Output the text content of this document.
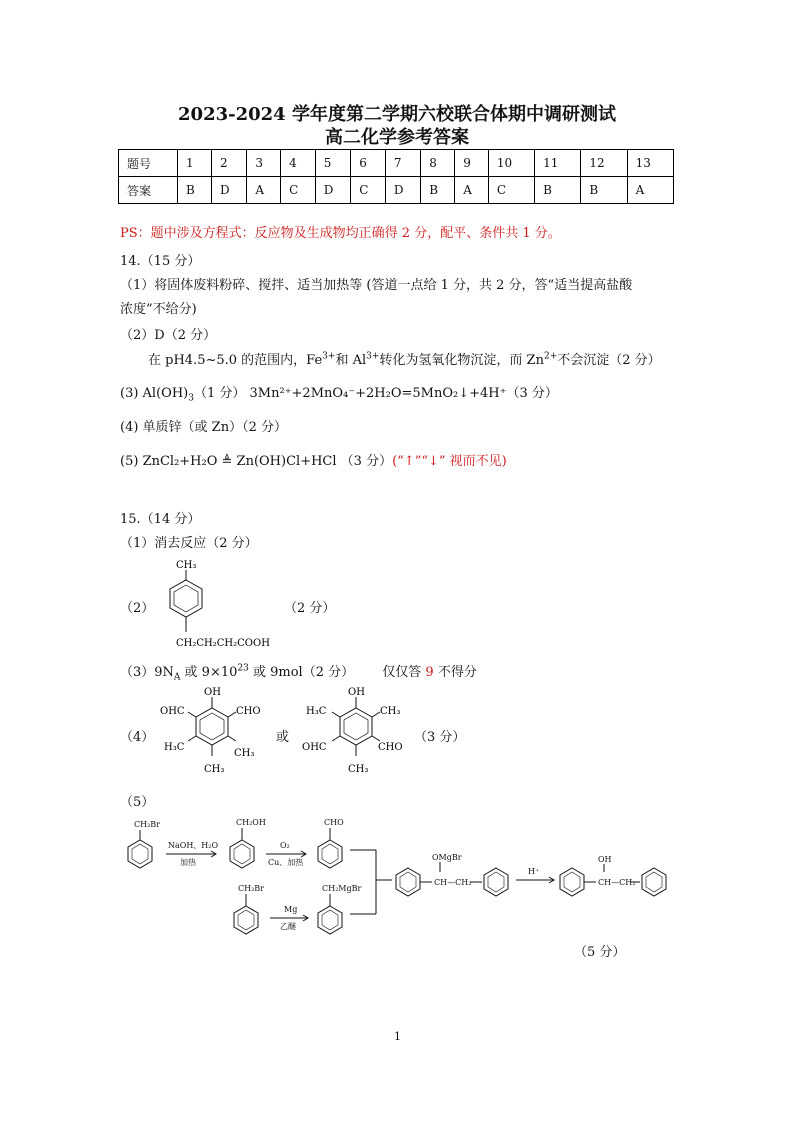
2023-2024 学年度第二学期六校联合体期中调研测试
高二化学参考答案
题号	1	2	3	4	5	6	7	8	9	10	11	12	13
答案	B	D	A	C	D	C	D	B	A	C	B	B	A
PS：题中涉及方程式：反应物及生成物均正确得 2 分，配平、条件共 1 分。
14.（15 分）
（1）将固体废料粉碎、搅拌、适当加热等 (答道一点给 1 分，共 2 分，答“适当提高盐酸
浓度”不给分)
（2）D（2 分）
在 pH4.5~5.0 的范围内，$Fe^{3+}$和 $Al^{3+}$转化为氢氧化物沉淀，而 $Zn^{2+}$不会沉淀（2 分）
(3) $Al(OH)_3(1$ 分） 3Mn²⁺+2MnO₄⁻+2H₂O=5MnO₂↓+4H⁺（3 分）
(4) 单质锌（或 Zn）（2 分）
(5) ZnCl₂+H₂O ≜ Zn(OH)Cl+HCl （3 分）(“↑”“↓” 视而不见)
15.（14 分）
（1）消去反应（2 分）
（2）
CH₃
CH₂CH₂CH₂COOH
（2 分）
$(3)9N_A$ 或 $9\times 10^{23}$ 或 9mol（2 分） 仅仅答 9 不得分
（4）
OH
OHC	CHO
H₃C
CH₃
CH₃
或
OH
H₃C	CH₃
OHC	CHO
CH₃
（3 分）
（5）
CH₂Br
NaOH、H₂O
加热
CH₂OH
O₂
Cu、加热
CHO
CH₂Br
Mg
乙醚
CH₂MgBr
OMgBr
CH—CH₂
H⁺
OH
CH—CH₂
（5 分）
1
